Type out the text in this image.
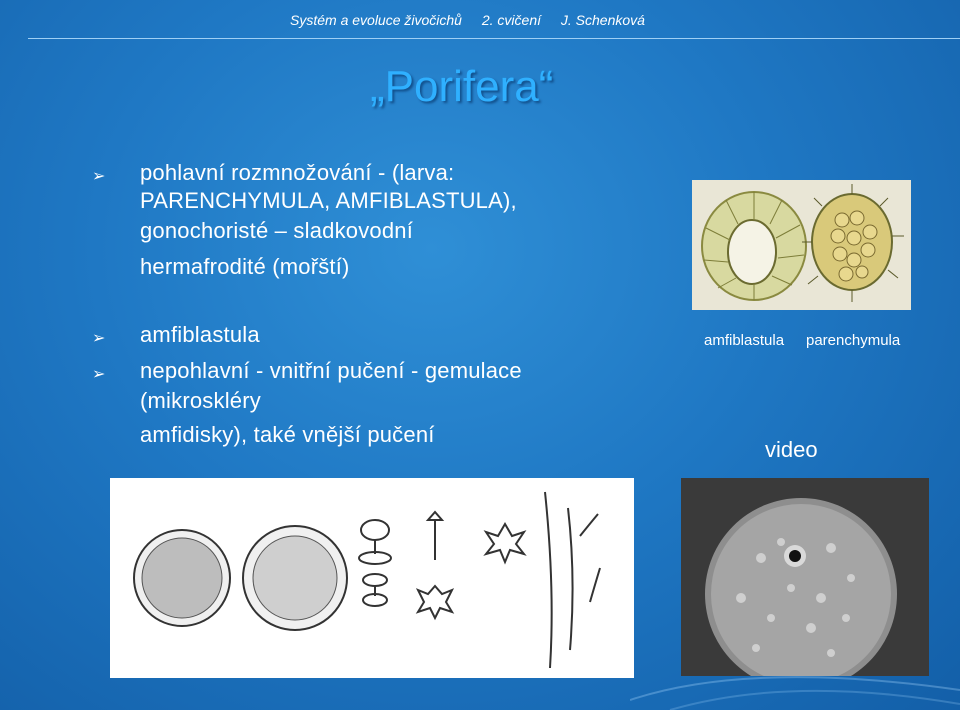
Systém a evoluce živočichů 2. cvičení J. Schenková
„Porifera“
➢ pohlavní rozmnožování - (larva:
PARENCHYMULA, AMFIBLASTULA),
gonochoristé – sladkovodní
hermafrodité (mořští)
➢ amfiblastula
➢ nepohlavní - vnitřní pučení - gemulace
(mikroskléry
amfidisky), také vnější pučení
amfiblastula parenchymula
video
